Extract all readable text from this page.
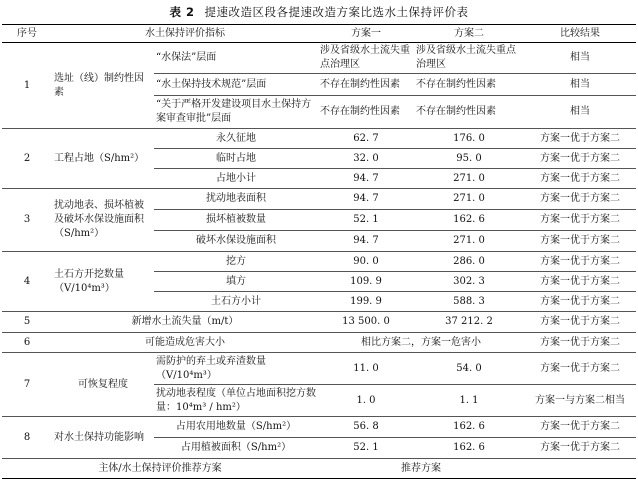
表 2 提速改造区段各提速改造方案比选水土保持评价表
序号	水土保持评价指标		方案一	方案二	比较结果
1	选址（线）制约性因素	“水保法”层面	涉及省级水土流失重点治理区	涉及省级水土流失重点治理区	相当
		“水土保持技术规范”层面	不存在制约性因素	不存在制约性因素	相当
		“关于严格开发建设项目水土保持方案审查审批”层面	不存在制约性因素	不存在制约性因素	相当
2	工程占地（S/hm²）	永久征地	62. 7	176. 0	方案一优于方案二
		临时占地	32. 0	95. 0	方案一优于方案二
		占地小计	94. 7	271. 0	方案一优于方案二
3	扰动地表、损坏植被及破坏水保设施面积（S/hm²）	扰动地表面积	94. 7	271. 0	方案一优于方案二
		损坏植被数量	52. 1	162. 6	方案一优于方案二
		破坏水保设施面积	94. 7	271. 0	方案一优于方案二
4	土石方开挖数量（V/10⁴m³）	挖方	90. 0	286. 0	方案一优于方案二
		填方	109. 9	302. 3	方案一优于方案二
		土石方小计	199. 9	588. 3	方案一优于方案二
5	新增水土流失量（m/t）		13 500. 0	37 212. 2	方案一优于方案二
6	可能造成危害大小		相比方案二，方案一危害小		方案一优于方案二
7	可恢复程度	需防护的弃土或弃渣数量（V/10⁴m³）	11. 0	54. 0	方案一优于方案二
		扰动地表程度（单位占地面积挖方数量：10⁴m³ / hm²）	1. 0	1. 1	方案一与方案二相当
8	对水土保持功能影响	占用农用地数量（S/hm²）	56. 8	162. 6	方案一优于方案二
		占用植被面积（S/hm²）	52. 1	162. 6	方案一优于方案二
主体/水土保持评价推荐方案			推荐方案		
